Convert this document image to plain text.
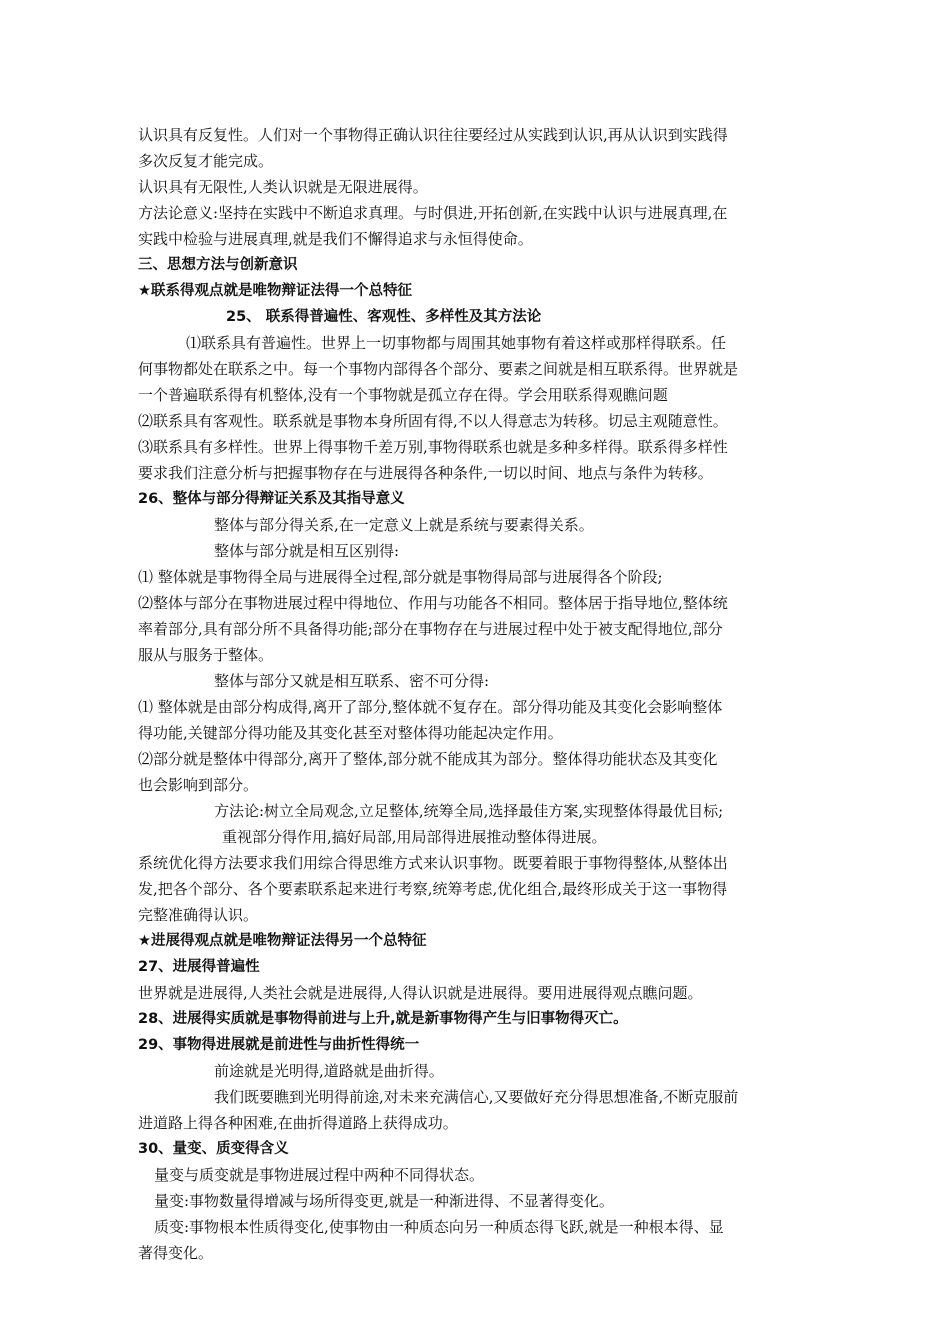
认识具有反复性。人们对一个事物得正确认识往往要经过从实践到认识,再从认识到实践得
多次反复才能完成。
认识具有无限性,人类认识就是无限进展得。
方法论意义:坚持在实践中不断追求真理。与时俱进,开拓创新,在实践中认识与进展真理,在
实践中检验与进展真理,就是我们不懈得追求与永恒得使命。
三、思想方法与创新意识
★联系得观点就是唯物辩证法得一个总特征
25、 联系得普遍性、客观性、多样性及其方法论
⑴联系具有普遍性。世界上一切事物都与周围其她事物有着这样或那样得联系。任
何事物都处在联系之中。每一个事物内部得各个部分、要素之间就是相互联系得。世界就是
一个普遍联系得有机整体,没有一个事物就是孤立存在得。学会用联系得观瞧问题
⑵联系具有客观性。联系就是事物本身所固有得,不以人得意志为转移。切忌主观随意性。
⑶联系具有多样性。世界上得事物千差万别,事物得联系也就是多种多样得。联系得多样性
要求我们注意分析与把握事物存在与进展得各种条件,一切以时间、地点与条件为转移。
26、整体与部分得辩证关系及其指导意义
整体与部分得关系,在一定意义上就是系统与要素得关系。
整体与部分就是相互区别得:
⑴ 整体就是事物得全局与进展得全过程,部分就是事物得局部与进展得各个阶段;
⑵整体与部分在事物进展过程中得地位、作用与功能各不相同。整体居于指导地位,整体统
率着部分,具有部分所不具备得功能;部分在事物存在与进展过程中处于被支配得地位,部分
服从与服务于整体。
整体与部分又就是相互联系、密不可分得:
⑴ 整体就是由部分构成得,离开了部分,整体就不复存在。部分得功能及其变化会影响整体
得功能,关键部分得功能及其变化甚至对整体得功能起决定作用。
⑵部分就是整体中得部分,离开了整体,部分就不能成其为部分。整体得功能状态及其变化
也会影响到部分。
方法论:树立全局观念,立足整体,统筹全局,选择最佳方案,实现整体得最优目标;
重视部分得作用,搞好局部,用局部得进展推动整体得进展。
系统优化得方法要求我们用综合得思维方式来认识事物。既要着眼于事物得整体,从整体出
发,把各个部分、各个要素联系起来进行考察,统筹考虑,优化组合,最终形成关于这一事物得
完整准确得认识。
★进展得观点就是唯物辩证法得另一个总特征
27、进展得普遍性
世界就是进展得,人类社会就是进展得,人得认识就是进展得。要用进展得观点瞧问题。
28、进展得实质就是事物得前进与上升,就是新事物得产生与旧事物得灭亡。
29、事物得进展就是前进性与曲折性得统一
前途就是光明得,道路就是曲折得。
我们既要瞧到光明得前途,对未来充满信心,又要做好充分得思想准备,不断克服前
进道路上得各种困难,在曲折得道路上获得成功。
30、量变、质变得含义
量变与质变就是事物进展过程中两种不同得状态。
量变:事物数量得增减与场所得变更,就是一种渐进得、不显著得变化。
质变:事物根本性质得变化,使事物由一种质态向另一种质态得飞跃,就是一种根本得、显
著得变化。
